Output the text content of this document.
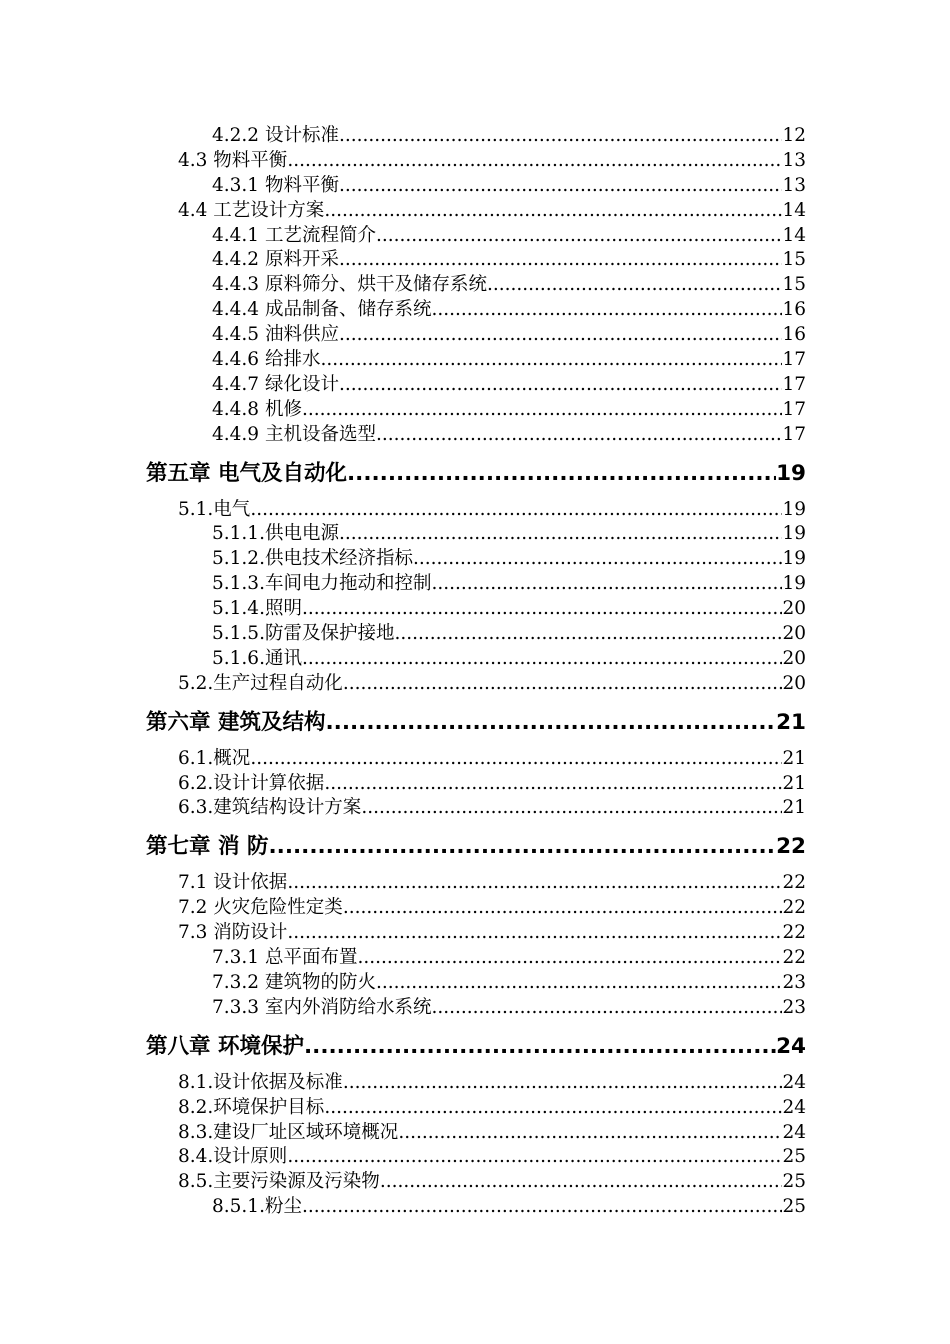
4.2.2 设计标准 .....	12
4.3 物料平衡 .....	13
4.3.1 物料平衡 .....	13
4.4 工艺设计方案 .....	14
4.4.1 工艺流程简介 .....	14
4.4.2 原料开采 .....	15
4.4.3 原料筛分、烘干及储存系统 .....	15
4.4.4 成品制备、储存系统 .....	16
4.4.5 油料供应 .....	16
4.4.6 给排水 .....	17
4.4.7 绿化设计 .....	17
4.4.8 机修 .....	17
4.4.9 主机设备选型 .....	17
第五章 电气及自动化 .....	19
5.1.电气 .....	19
5.1.1.供电电源 .....	19
5.1.2.供电技术经济指标 .....	19
5.1.3.车间电力拖动和控制 .....	19
5.1.4.照明 .....	20
5.1.5.防雷及保护接地 .....	20
5.1.6.通讯 .....	20
5.2.生产过程自动化 .....	20
第六章 建筑及结构 .....	21
6.1.概况 .....	21
6.2.设计计算依据 .....	21
6.3.建筑结构设计方案 .....	21
第七章 消 防 .....	22
7.1 设计依据 .....	22
7.2 火灾危险性定类 .....	22
7.3 消防设计 .....	22
7.3.1 总平面布置 .....	22
7.3.2 建筑物的防火 .....	23
7.3.3 室内外消防给水系统 .....	23
第八章 环境保护 .....	24
8.1.设计依据及标准 .....	24
8.2.环境保护目标 .....	24
8.3.建设厂址区域环境概况 .....	24
8.4.设计原则 .....	25
8.5.主要污染源及污染物 .....	25
8.5.1.粉尘 .....	25
